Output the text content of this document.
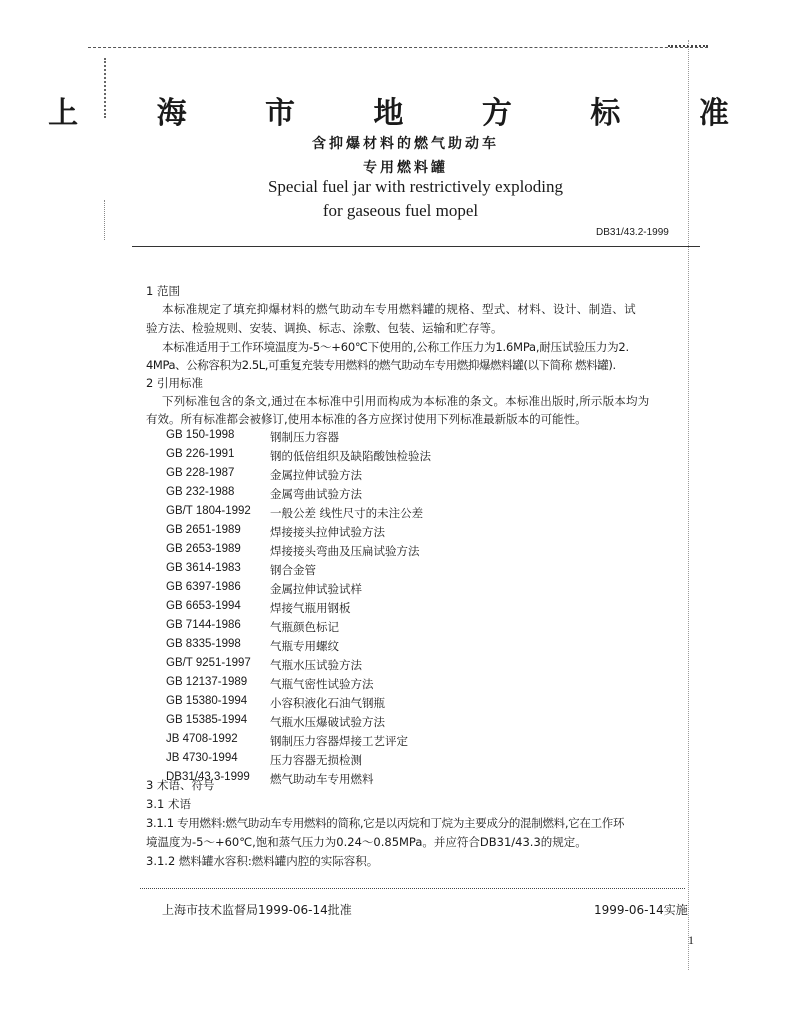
上 海 市 地 方 标 准
含抑爆材料的燃气助动车
专用燃料罐
Special fuel jar with restrictively exploding
for gaseous fuel mopel
DB31/43.2-1999
1 范围
本标准规定了填充抑爆材料的燃气助动车专用燃料罐的规格、型式、材料、设计、制造、试
验方法、检验规则、安装、调换、标志、涂敷、包装、运输和贮存等。
本标准适用于工作环境温度为-5～+60℃下使用的,公称工作压力为1.6MPa,耐压试验压力为2.
4MPa、公称容积为2.5L,可重复充装专用燃料的燃气助动车专用燃抑爆燃料罐(以下简称 燃料罐).
2 引用标准
下列标准包含的条文,通过在本标准中引用而构成为本标准的条文。本标准出版时,所示版本均为
有效。所有标准都会被修订,使用本标准的各方应探讨使用下列标准最新版本的可能性。
GB 150-1998	钢制压力容器
GB 226-1991	钢的低倍组织及缺陷酸蚀检验法
GB 228-1987	金属拉伸试验方法
GB 232-1988	金属弯曲试验方法
GB/T 1804-1992 一般公差 线性尺寸的未注公差
GB 2651-1989	焊接接头拉伸试验方法
GB 2653-1989	焊接接头弯曲及压扁试验方法
GB 3614-1983	钢合金管
GB 6397-1986	金属拉伸试验试样
GB 6653-1994	焊接气瓶用钢板
GB 7144-1986	气瓶颜色标记
GB 8335-1998	气瓶专用螺纹
GB/T 9251-1997 气瓶水压试验方法
GB 12137-1989 气瓶气密性试验方法
GB 15380-1994 小容积液化石油气钢瓶
GB 15385-1994 气瓶水压爆破试验方法
JB 4708-1992	钢制压力容器焊接工艺评定
JB 4730-1994	压力容器无损检测
DB31/43.3-1999 燃气助动车专用燃料
3 术语、符号
3.1 术语
3.1.1 专用燃料:燃气助动车专用燃料的简称,它是以丙烷和丁烷为主要成分的混制燃料,它在工作环
境温度为-5～+60℃,饱和蒸气压力为0.24～0.85MPa。并应符合DB31/43.3的规定。
3.1.2 燃料罐水容积:燃料罐内腔的实际容积。
上海市技术监督局1999-06-14批准	1999-06-14实施
1
